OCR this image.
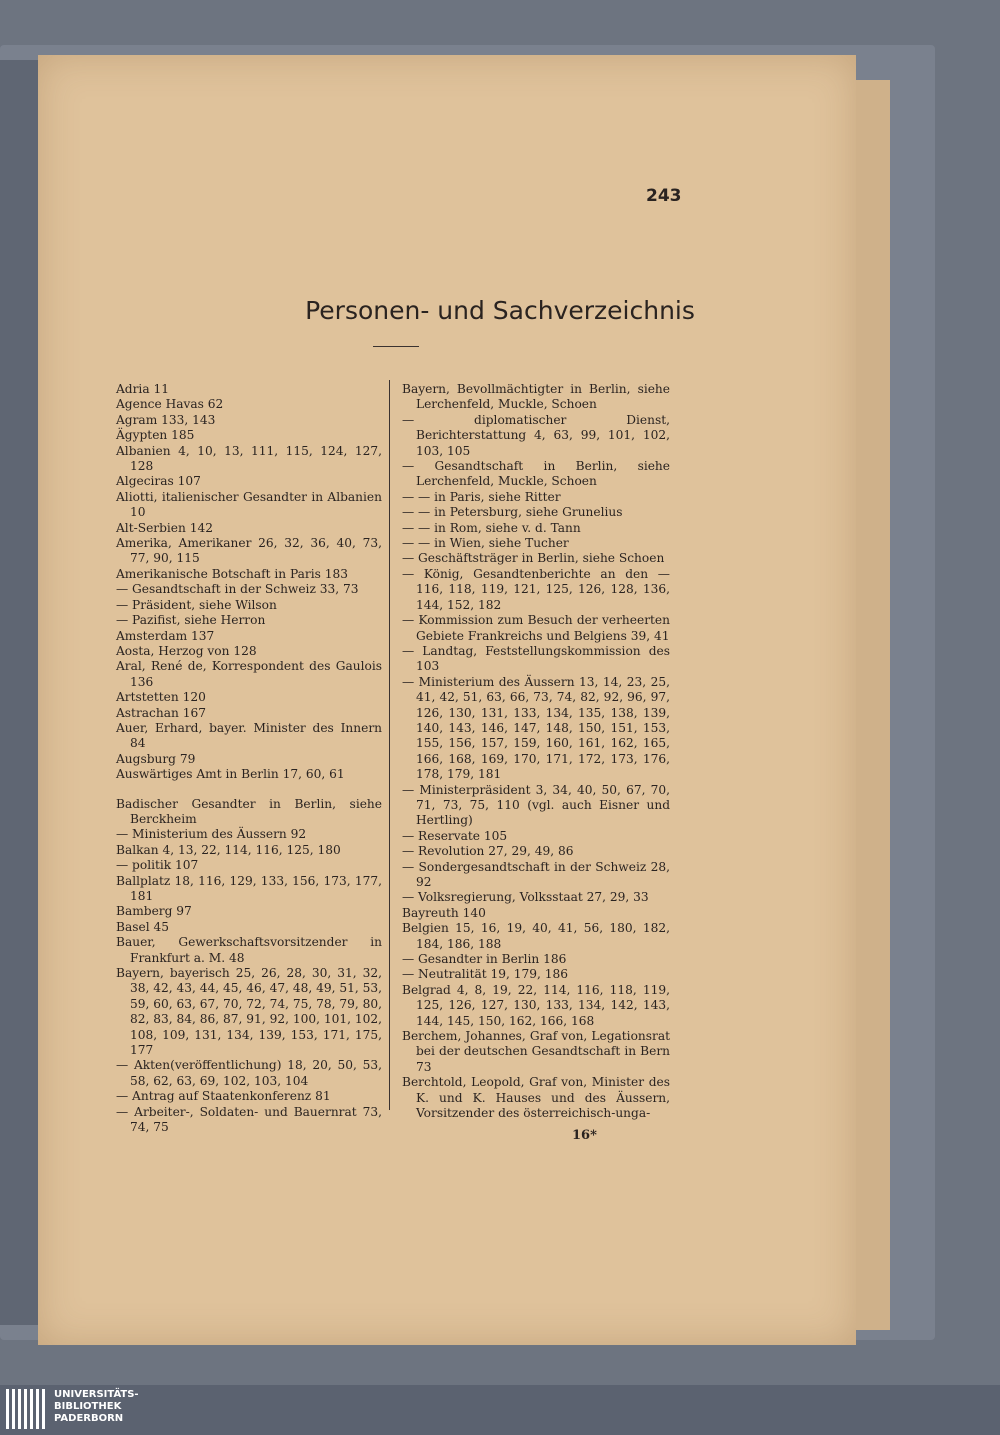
243
Personen- und Sachverzeichnis

Adria 11

Agence Havas 62

Agram 133, 143

Ägypten 185

Albanien 4, 10, 13, 111, 115, 124, 127, 128

Algeciras 107

Aliotti, italienischer Gesandter in Albanien 10

Alt-Serbien 142

Amerika, Amerikaner 26, 32, 36, 40, 73, 77, 90, 115

Amerikanische Botschaft in Paris 183

— Gesandtschaft in der Schweiz 33, 73

— Präsident, siehe Wilson

— Pazifist, siehe Herron

Amsterdam 137

Aosta, Herzog von 128

Aral, René de, Korrespondent des Gaulois 136

Artstetten 120

Astrachan 167

Auer, Erhard, bayer. Minister des Innern 84

Augsburg 79

Auswärtiges Amt in Berlin 17, 60, 61

Badischer Gesandter in Berlin, siehe Berckheim

— Ministerium des Äussern 92

Balkan 4, 13, 22, 114, 116, 125, 180

— politik 107

Ballplatz 18, 116, 129, 133, 156, 173, 177, 181

Bamberg 97

Basel 45

Bauer, Gewerkschaftsvorsitzender in Frankfurt a. M. 48

Bayern, bayerisch 25, 26, 28, 30, 31, 32, 38, 42, 43, 44, 45, 46, 47, 48, 49, 51, 53, 59, 60, 63, 67, 70, 72, 74, 75, 78, 79, 80, 82, 83, 84, 86, 87, 91, 92, 100, 101, 102, 108, 109, 131, 134, 139, 153, 171, 175, 177

— Akten(veröffentlichung) 18, 20, 50, 53, 58, 62, 63, 69, 102, 103, 104

— Antrag auf Staatenkonferenz 81

— Arbeiter-, Soldaten- und Bauernrat 73, 74, 75

Bayern, Bevollmächtigter in Berlin, siehe Lerchenfeld, Muckle, Schoen

— diplomatischer Dienst, Berichterstattung 4, 63, 99, 101, 102, 103, 105

— Gesandtschaft in Berlin, siehe Lerchenfeld, Muckle, Schoen

— — in Paris, siehe Ritter

— — in Petersburg, siehe Grunelius

— — in Rom, siehe v. d. Tann

— — in Wien, siehe Tucher

— Geschäftsträger in Berlin, siehe Schoen

— König, Gesandtenberichte an den — 116, 118, 119, 121, 125, 126, 128, 136, 144, 152, 182

— Kommission zum Besuch der verheerten Gebiete Frankreichs und Belgiens 39, 41

— Landtag, Feststellungskommission des 103

— Ministerium des Äussern 13, 14, 23, 25, 41, 42, 51, 63, 66, 73, 74, 82, 92, 96, 97, 126, 130, 131, 133, 134, 135, 138, 139, 140, 143, 146, 147, 148, 150, 151, 153, 155, 156, 157, 159, 160, 161, 162, 165, 166, 168, 169, 170, 171, 172, 173, 176, 178, 179, 181

— Ministerpräsident 3, 34, 40, 50, 67, 70, 71, 73, 75, 110 (vgl. auch Eisner und Hertling)

— Reservate 105

— Revolution 27, 29, 49, 86

— Sondergesandtschaft in der Schweiz 28, 92

— Volksregierung, Volksstaat 27, 29, 33

Bayreuth 140

Belgien 15, 16, 19, 40, 41, 56, 180, 182, 184, 186, 188

— Gesandter in Berlin 186

— Neutralität 19, 179, 186

Belgrad 4, 8, 19, 22, 114, 116, 118, 119, 125, 126, 127, 130, 133, 134, 142, 143, 144, 145, 150, 162, 166, 168

Berchem, Johannes, Graf von, Legationsrat bei der deutschen Gesandtschaft in Bern 73

Berchtold, Leopold, Graf von, Minister des K. und K. Hauses und des Äussern, Vorsitzender des österreichisch-unga-

16*
UNIVERSITÄTS-
BIBLIOTHEK
PADERBORN
